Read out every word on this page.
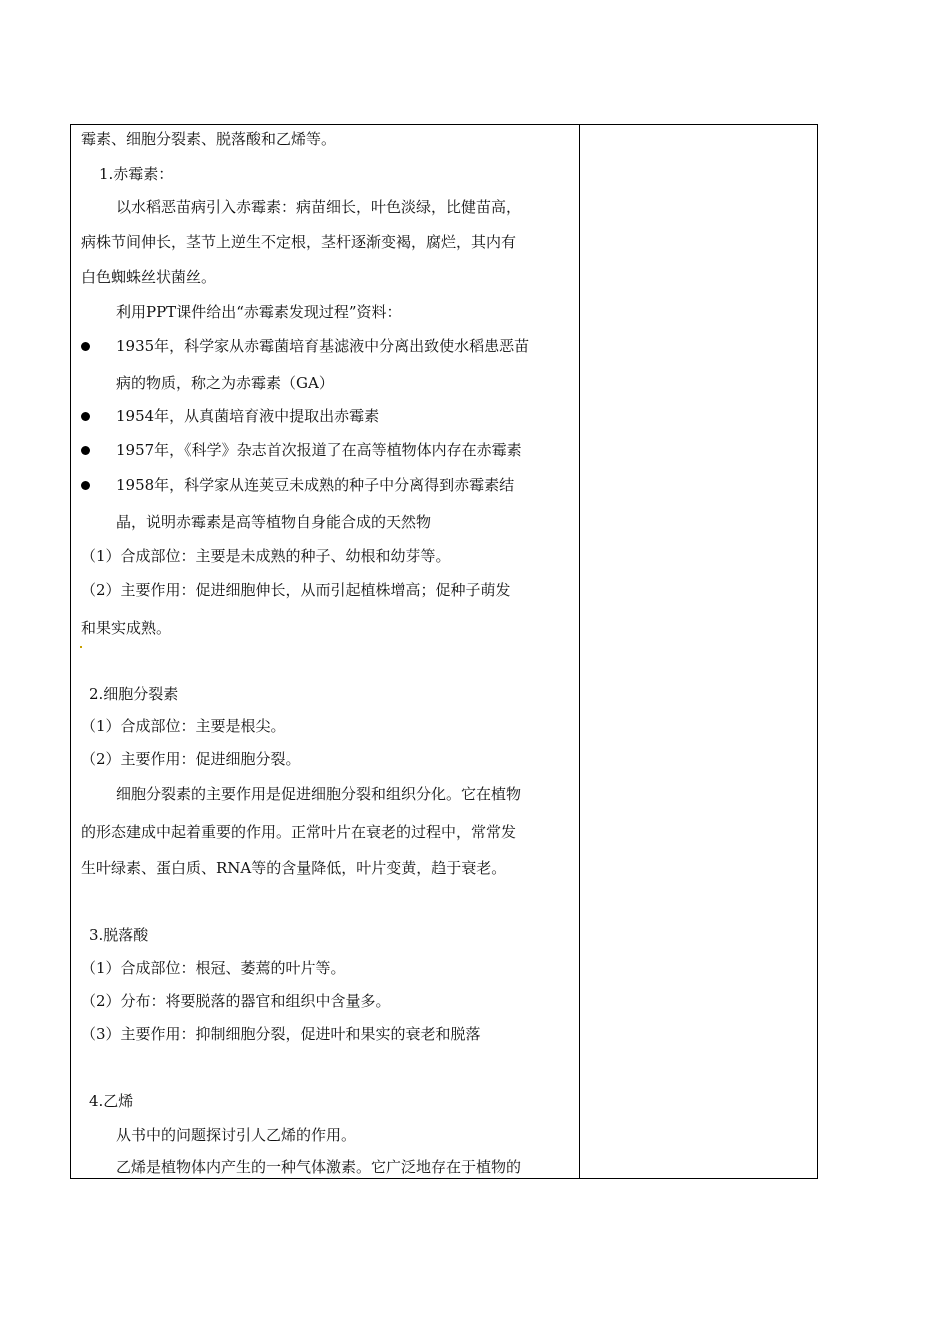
霉素、细胞分裂素、脱落酸和乙烯等。
1.赤霉素：
以水稻恶苗病引入赤霉素：病苗细长，叶色淡绿，比健苗高，
病株节间伸长，茎节上逆生不定根，茎杆逐渐变褐，腐烂，其内有
白色蜘蛛丝状菌丝。
利用PPT课件给出“赤霉素发现过程”资料：
1935年，科学家从赤霉菌培育基滤液中分离出致使水稻患恶苗
病的物质，称之为赤霉素（GA）
1954年，从真菌培育液中提取出赤霉素
1957年，《科学》杂志首次报道了在高等植物体内存在赤霉素
1958年，科学家从连荚豆未成熟的种子中分离得到赤霉素结
晶，说明赤霉素是高等植物自身能合成的天然物
（1）合成部位：主要是未成熟的种子、幼根和幼芽等。
（2）主要作用：促进细胞伸长，从而引起植株增高；促种子萌发
和果实成熟。
2.细胞分裂素
（1）合成部位：主要是根尖。
（2）主要作用：促进细胞分裂。
细胞分裂素的主要作用是促进细胞分裂和组织分化。它在植物
的形态建成中起着重要的作用。正常叶片在衰老的过程中，常常发
生叶绿素、蛋白质、RNA等的含量降低，叶片变黄，趋于衰老。
3.脱落酸
（1）合成部位：根冠、萎蔫的叶片等。
（2）分布：将要脱落的器官和组织中含量多。
（3）主要作用：抑制细胞分裂，促进叶和果实的衰老和脱落
4.乙烯
从书中的问题探讨引人乙烯的作用。
乙烯是植物体内产生的一种气体激素。它广泛地存在于植物的
